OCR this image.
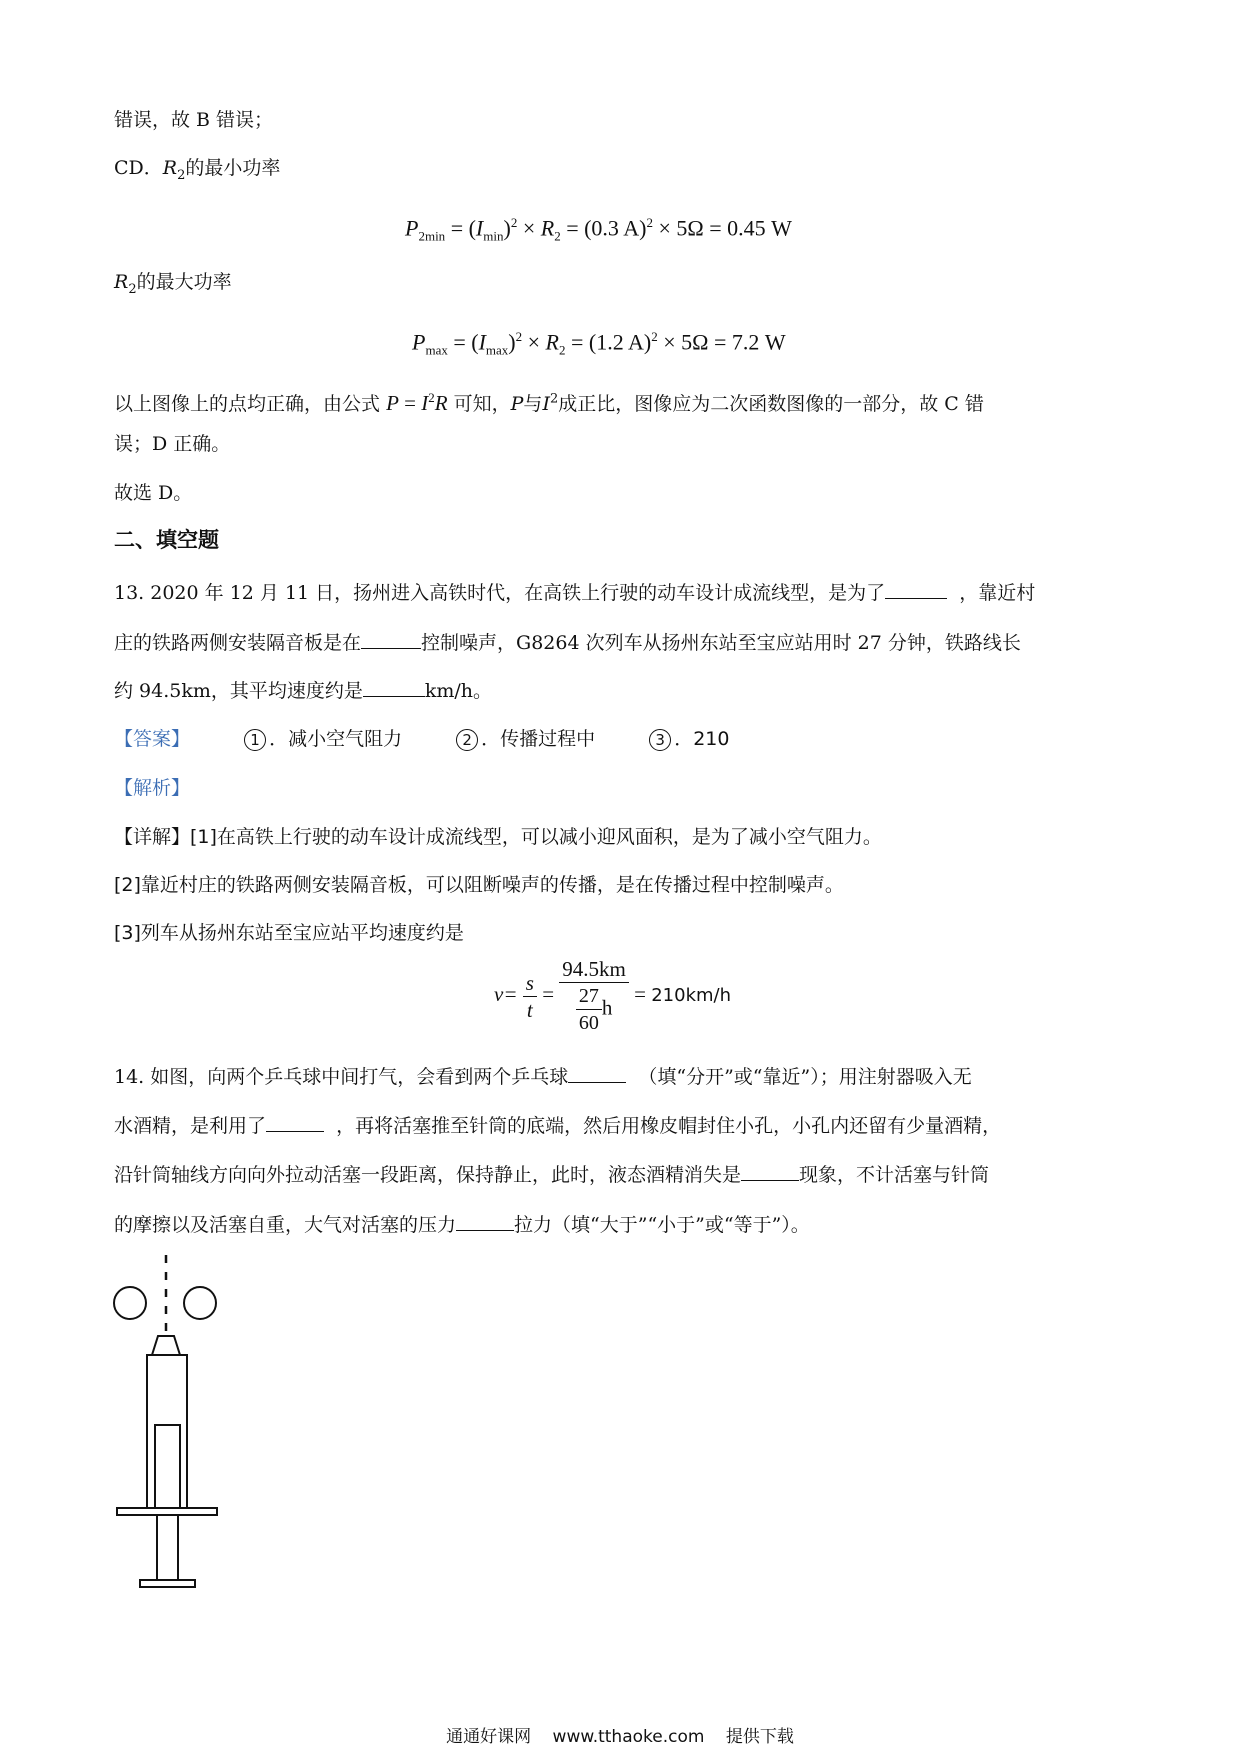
错误，故 B 错误；
CD．$R_2$的最小功率
$P_{2min} = (I_{min})^2 \times R_2 = (0.3$ A)$^2$ × 5Ω = 0.45 W
$R_2$的最大功率
$P_{max} = (I_{max})^2 \times R_2 = (1.2$ A)$^2$ × 5Ω = 7.2 W
以上图像上的点均正确，由公式 $P = I^2R$ 可知，P与$I^2$成正比，图像应为二次函数图像的一部分，故 C 错
误；D 正确。
故选 D。
二、填空题
13. 2020 年 12 月 11 日，扬州进入高铁时代，在高铁上行驶的动车设计成流线型，是为了	，靠近村
庄的铁路两侧安装隔音板是在	控制噪声，G8264 次列车从扬州东站至宝应站用时 27 分钟，铁路线长
约 94.5km，其平均速度约是	km/h。
【答案】	1 ．减小空气阻力	2 ．传播过程中	3 ．210
【解析】
【详解】[1]在高铁上行驶的动车设计成流线型，可以减小迎风面积，是为了减小空气阻力。
[2]靠近村庄的铁路两侧安装隔音板，可以阻断噪声的传播，是在传播过程中控制噪声。
[3]列车从扬州东站至宝应站平均速度约是
$v= \frac{s}{t} = \frac{94.5km}{\frac{27}{60} h} = 210km/h$
14. 如图，向两个乒乓球中间打气，会看到两个乒乓球	（填“分开”或“靠近”）；用注射器吸入无
水酒精，是利用了	，再将活塞推至针筒的底端，然后用橡皮帽封住小孔，小孔内还留有少量酒精，
沿针筒轴线方向向外拉动活塞一段距离，保持静止，此时，液态酒精消失是	现象，不计活塞与针筒
的摩擦以及活塞自重，大气对活塞的压力	拉力（填“大于”“小于”或“等于”）。
通通好课网 www.tthaoke.com 提供下载
